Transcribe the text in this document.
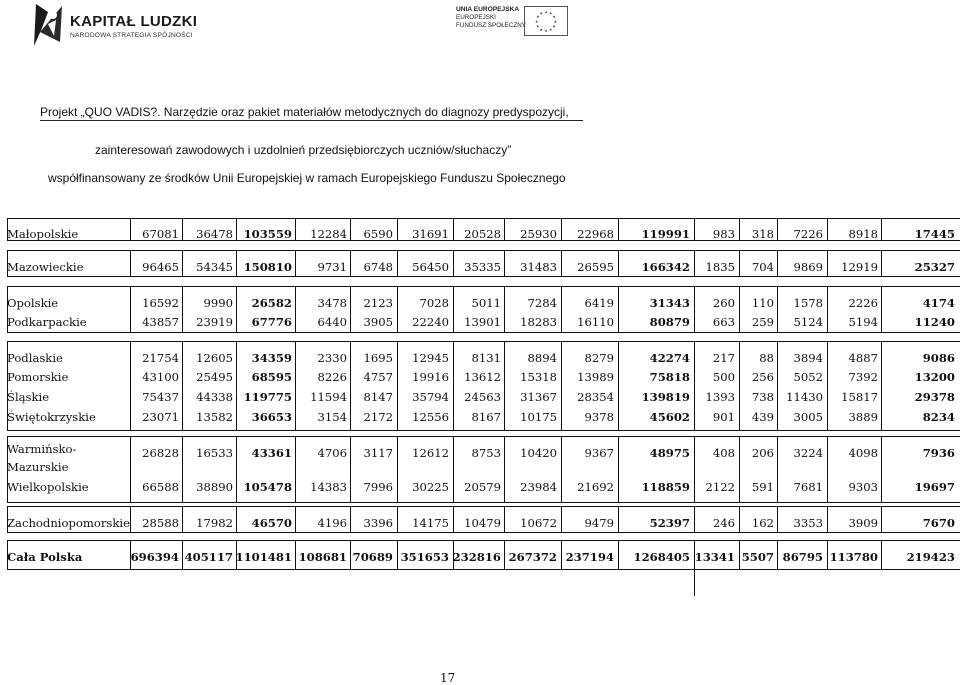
KAPITAŁ LUDZKI
NARODOWA STRATEGIA SPÓJNOŚCI
UNIA EUROPEJSKA
EUROPEJSKI
FUNDUSZ SPOŁECZNY
★ ★
★
★
★
★
★
★
★
★
★
★
Projekt „QUO VADIS?. Narzędzie oraz pakiet materiałów metodycznych do diagnozy predyspozycji,
zainteresowań zawodowych i uzdolnień przedsiębiorczych uczniów/słuchaczy”
współfinansowany ze środków Unii Europejskiej w ramach Europejskiego Funduszu Społecznego
Małopolskie	67081	36478 103559	12284	6590	31691	20528	25930	22968	119991	983	318	7226	8918	17445
Mazowieckie	96465	54345 150810	9731	6748	56450	35335	31483	26595	166342	1835	704	9869	12919	25327
Opolskie	16592	9990	26582	3478	2123	7028	5011	7284	6419	31343	260	110	1578	2226	4174
Podkarpackie	43857	23919	67776	6440	3905	22240	13901	18283	16110	80879	663	259	5124	5194	11240
Podlaskie	21754	12605	34359	2330	1695	12945	8131	8894	8279	42274	217	88	3894	4887	9086
Pomorskie	43100	25495	68595	8226	4757	19916	13612	15318	13989	75818	500	256	5052	7392	13200
Śląskie	75437	44338 119775	11594	8147	35794	24563	31367	28354	139819	1393	738	11430	15817	29378
Świętokrzyskie	23071	13582	36653	3154	2172	12556	8167	10175	9378	45602	901	439	3005	3889	8234
Warmińsko-
Mazurskie
26828	16533	43361	4706	3117	12612	8753	10420	9367	48975	408	206	3224	4098	7936
Wielkopolskie	66588	38890 105478	14383	7996	30225	20579	23984	21692	118859	2122	591	7681	9303	19697
Zachodniopomorskie	28588	17982	46570	4196	3396	14175	10479	10672	9479	52397	246	162	3353	3909	7670
Cała Polska	696394 405117 1101481 108681 70689 351653 232816 267372 237194	1268405 13341 5507 86795 113780	219423
17
